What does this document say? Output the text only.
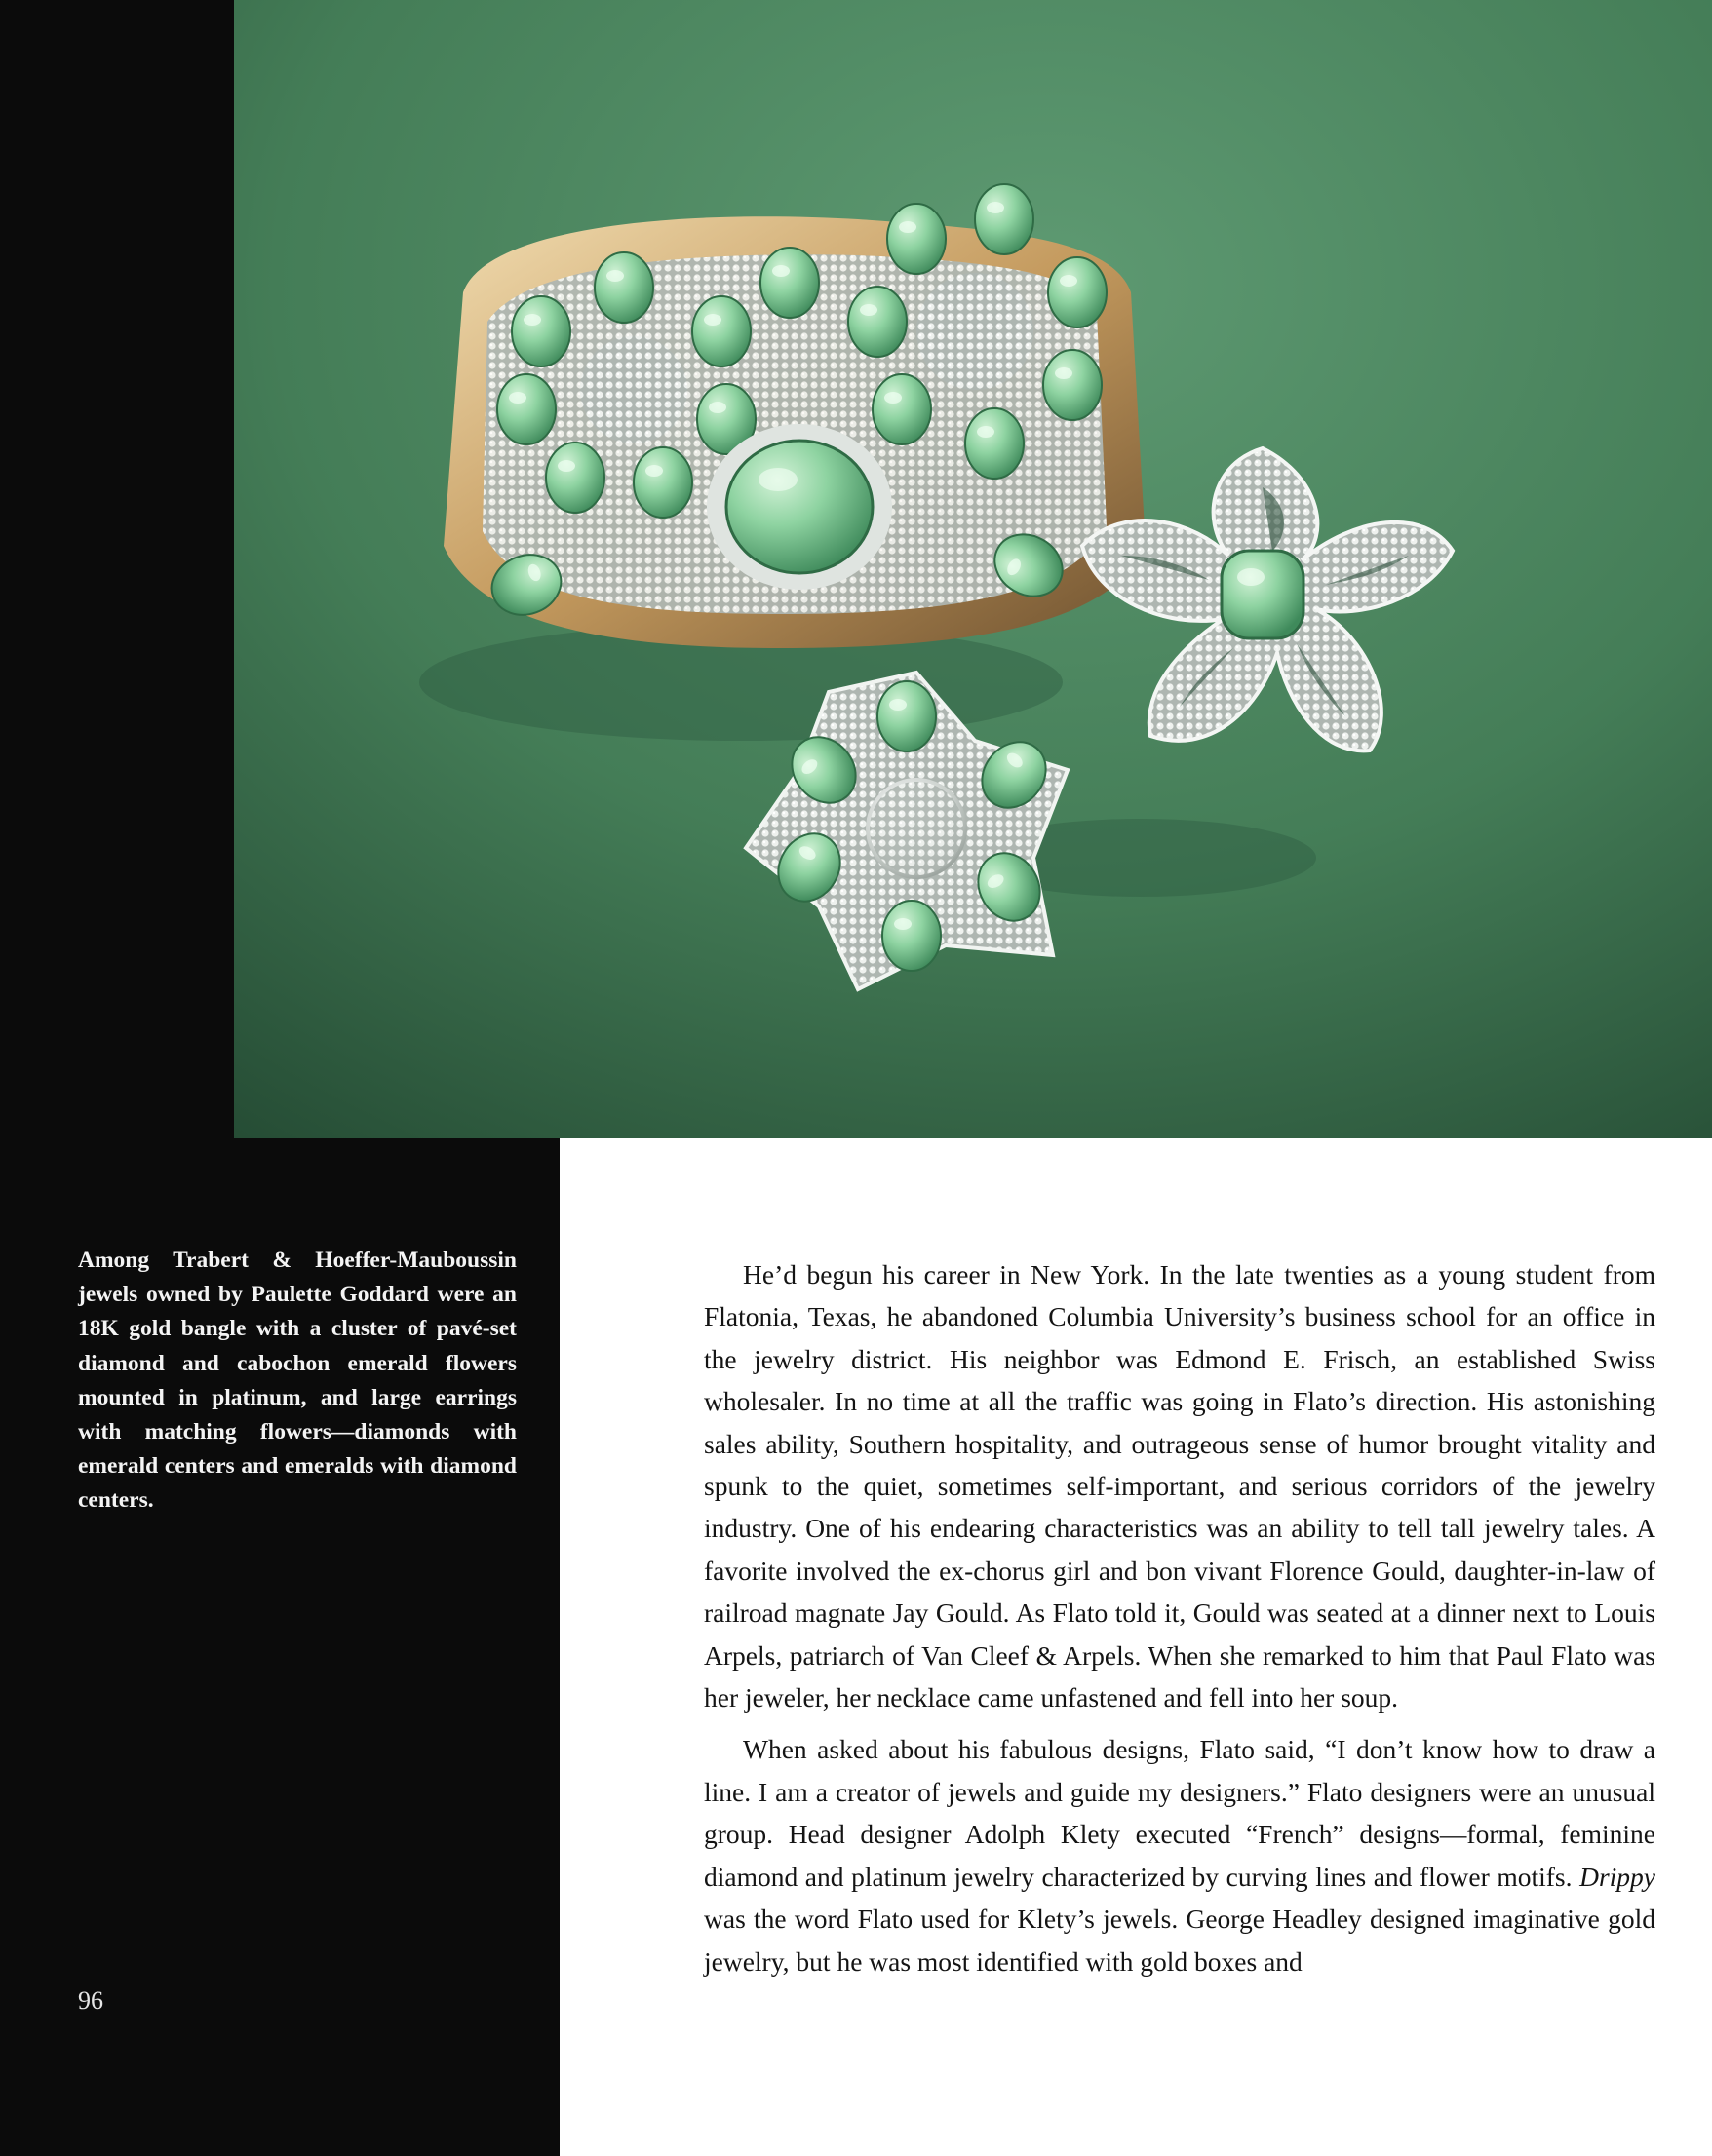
Among Trabert & Hoeffer-Mauboussin jewels owned by Paulette Goddard were an 18K gold bangle with a cluster of pavé-set diamond and cabochon emerald flowers mounted in platinum, and large earrings with matching flowers—diamonds with emerald centers and emeralds with diamond centers.

96

He’d begun his career in New York. In the late twenties as a young student from Flatonia, Texas, he abandoned Columbia University’s business school for an office in the jewelry district. His neighbor was Edmond E. Frisch, an established Swiss wholesaler. In no time at all the traffic was going in Flato’s direction. His astonishing sales ability, Southern hospitality, and outrageous sense of humor brought vitality and spunk to the quiet, sometimes self-important, and serious corridors of the jewelry industry. One of his endearing characteristics was an ability to tell tall jewelry tales. A favorite involved the ex-chorus girl and bon vivant Florence Gould, daughter-in-law of railroad magnate Jay Gould. As Flato told it, Gould was seated at a dinner next to Louis Arpels, patriarch of Van Cleef & Arpels. When she remarked to him that Paul Flato was her jeweler, her necklace came unfastened and fell into her soup.

When asked about his fabulous designs, Flato said, “I don’t know how to draw a line. I am a creator of jewels and guide my designers.” Flato designers were an unusual group. Head designer Adolph Klety executed “French” designs—formal, feminine diamond and platinum jewelry characterized by curving lines and flower motifs. Drippy was the word Flato used for Klety’s jewels. George Headley designed imaginative gold jewelry, but he was most identified with gold boxes and
